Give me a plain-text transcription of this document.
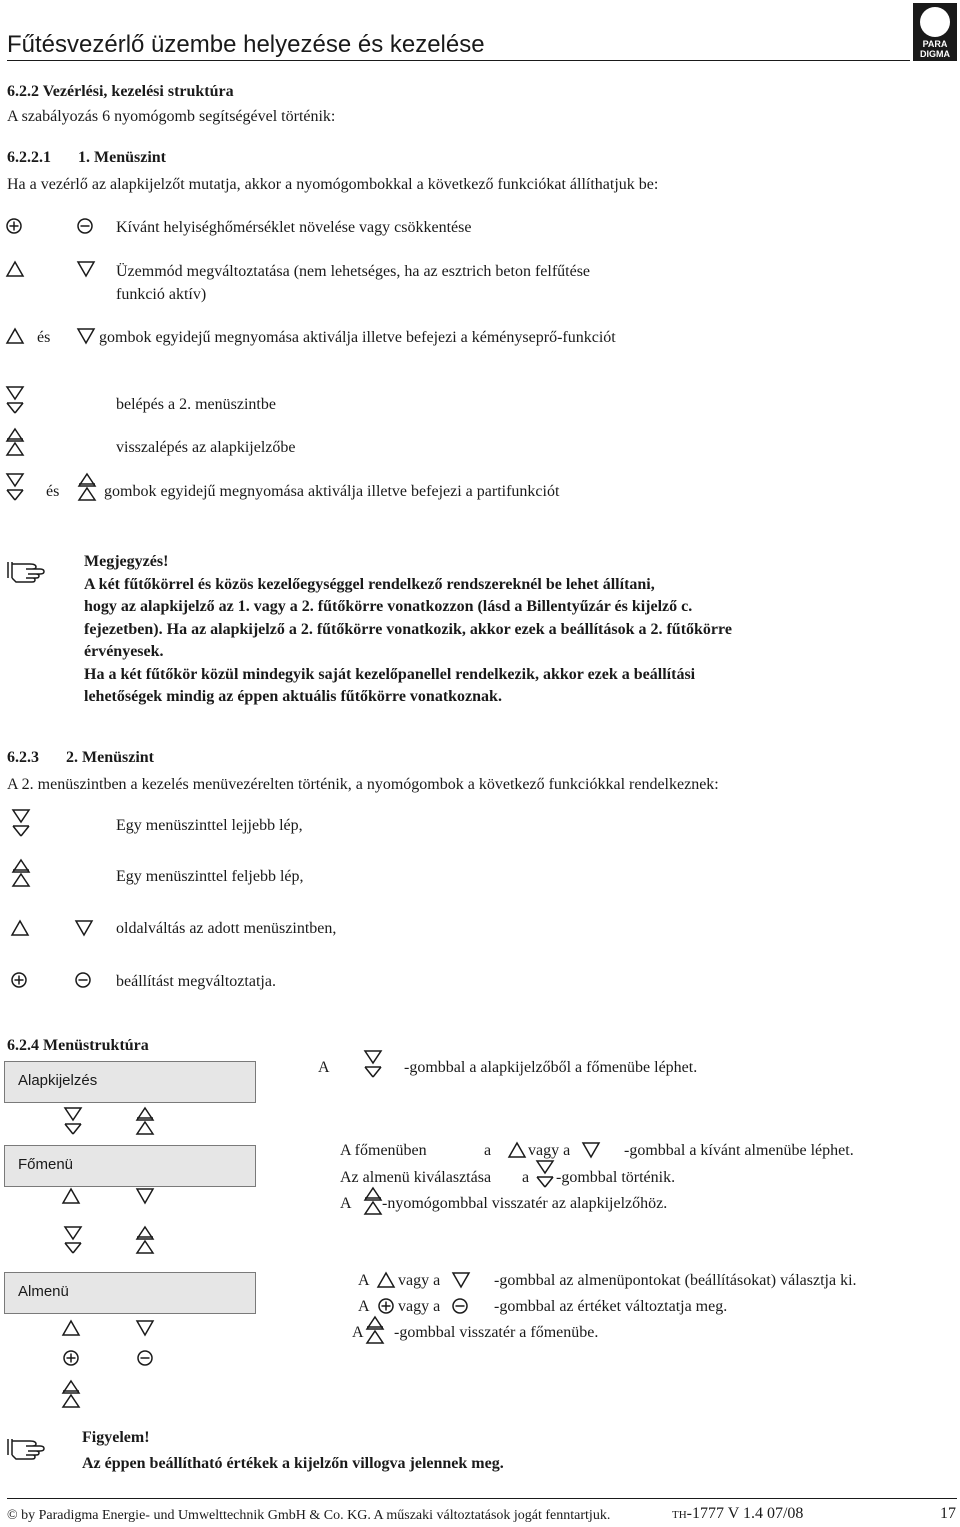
Fűtésvezérlő üzembe helyezése és kezelése	PARA
DIGMA
6.2.2 Vezérlési, kezelési struktúra
A szabályozás 6 nyomógomb segítségével történik:
6.2.2.1 1. Menüszint
Ha a vezérlő az alapkijelzőt mutatja, akkor a nyomógombokkal a következő funkciókat állíthatjuk be:
Kívánt helyiséghőmérséklet növelése vagy csökkentése
Üzemmód megváltoztatása (nem lehetséges, ha az esztrich beton felfűtése
funkció aktív)
és	gombok egyidejű megnyomása aktiválja illetve befejezi a kéményseprő-funkciót
belépés a 2. menüszintbe
visszalépés az alapkijelzőbe
és	gombok egyidejű megnyomása aktiválja illetve befejezi a partifunkciót
Megjegyzés!
A két fűtőkörrel és közös kezelőegységgel rendelkező rendszereknél be lehet állítani,
hogy az alapkijelző az 1. vagy a 2. fűtőkörre vonatkozzon (lásd a Billentyűzár és kijelző c.
fejezetben). Ha az alapkijelző a 2. fűtőkörre vonatkozik, akkor ezek a beállítások a 2. fűtőkörre
érvényesek.
Ha a két fűtőkör közül mindegyik saját kezelőpanellel rendelkezik, akkor ezek a beállítási
lehetőségek mindig az éppen aktuális fűtőkörre vonatkoznak.
6.2.3 2. Menüszint
A 2. menüszintben a kezelés menüvezérelten történik, a nyomógombok a következő funkciókkal rendelkeznek:
Egy menüszinttel lejjebb lép,
Egy menüszinttel feljebb lép,
oldalváltás az adott menüszintben,
beállítást megváltoztatja.
6.2.4 Menüstruktúra
Alapkijelzés
Főmenü
Almenü
A	-gombbal a alapkijelzőből a főmenübe léphet.
A főmenüben	a vagy a	-gombbal a kívánt almenübe léphet.
Az almenü kiválasztása a -gombbal történik.
A -nyomógombbal visszatér az alapkijelzőhöz.
A vagy a	-gombbal az almenüpontokat (beállításokat) választja ki.
A vagy a	-gombbal az értéket változtatja meg.
A -gombbal visszatér a főmenübe.
Figyelem!
Az éppen beállítható értékek a kijelzőn villogva jelennek meg.
© by Paradigma Energie- und Umwelttechnik GmbH & Co. KG. A műszaki változtatások jogát fenntartjuk.	TH-1777 V 1.4 07/08	17
